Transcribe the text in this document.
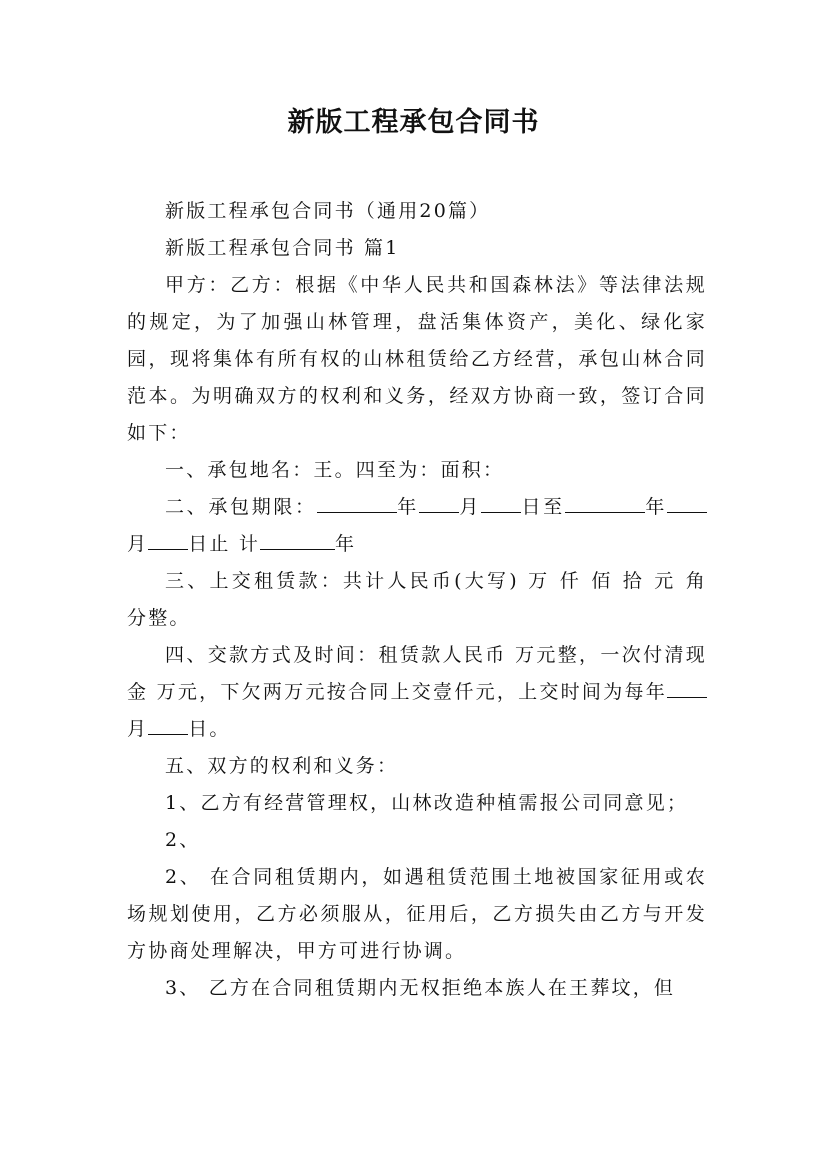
新版工程承包合同书

新版工程承包合同书（通用20篇）

新版工程承包合同书 篇1

甲方：乙方：根据《中华人民共和国森林法》等法律法规的规定，为了加强山林管理，盘活集体资产，美化、绿化家园，现将集体有所有权的山林租赁给乙方经营，承包山林合同范本。为明确双方的权利和义务，经双方协商一致，签订合同如下：

一、承包地名：王。四至为：面积：

二、承包期限：	年 月 日至	年月 日止 计	年

三、上交租赁款：共计人民币(大写) 万 仟 佰 拾 元 角 分整。

四、交款方式及时间：租赁款人民币 万元整，一次付清现金 万元，下欠两万元按合同上交壹仟元，上交时间为每年月 日。

五、双方的权利和义务：

1、乙方有经营管理权，山林改造种植需报公司同意见；

2、

2、 在合同租赁期内，如遇租赁范围土地被国家征用或农场规划使用，乙方必须服从，征用后，乙方损失由乙方与开发方协商处理解决，甲方可进行协调。

3、 乙方在合同租赁期内无权拒绝本族人在王葬坟，但
